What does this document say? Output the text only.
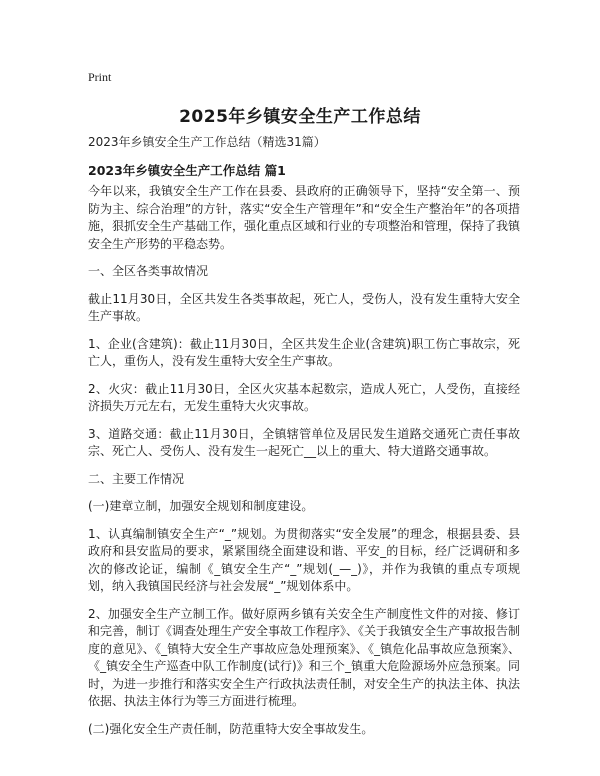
Print
2025年乡镇安全生产工作总结
2023年乡镇安全生产工作总结（精选31篇）
2023年乡镇安全生产工作总结 篇1

今年以来，我镇安全生产工作在县委、县政府的正确领导下，坚持“安全第一、预防为主、综合治理”的方针，落实“安全生产管理年”和“安全生产整治年”的各项措施，狠抓安全生产基础工作，强化重点区域和行业的专项整治和管理，保持了我镇安全生产形势的平稳态势。

一、全区各类事故情况

截止11月30日，全区共发生各类事故起，死亡人，受伤人，没有发生重特大安全生产事故。

1、企业(含建筑)：截止11月30日，全区共发生企业(含建筑)职工伤亡事故宗，死亡人，重伤人，没有发生重特大安全生产事故。

2、火灾：截止11月30日，全区火灾基本起数宗，造成人死亡，人受伤，直接经济损失万元左右，无发生重特大火灾事故。

3、道路交通：截止11月30日，全镇辖管单位及居民发生道路交通死亡责任事故宗、死亡人、受伤人、没有发生一起死亡__以上的重大、特大道路交通事故。

二、主要工作情况

(一)建章立制，加强安全规划和制度建设。

1、认真编制镇安全生产“_”规划。为贯彻落实“安全发展”的理念，根据县委、县政府和县安监局的要求，紧紧围绕全面建设和谐、平安_的目标，经广泛调研和多次的修改论证，编制《_镇安全生产“_”规划(_—_)》，并作为我镇的重点专项规划，纳入我镇国民经济与社会发展“_”规划体系中。

2、加强安全生产立制工作。做好原两乡镇有关安全生产制度性文件的对接、修订和完善，制订《调查处理生产安全事故工作程序》、《关于我镇安全生产事故报告制度的意见》、《_镇特大安全生产事故应急处理预案》、《_镇危化品事故应急预案》、《_镇安全生产巡查中队工作制度(试行)》和三个_镇重大危险源场外应急预案。同时，为进一步推行和落实安全生产行政执法责任制，对安全生产的执法主体、执法依据、执法主体行为等三方面进行梳理。

(二)强化安全生产责任制，防范重特大安全事故发生。
